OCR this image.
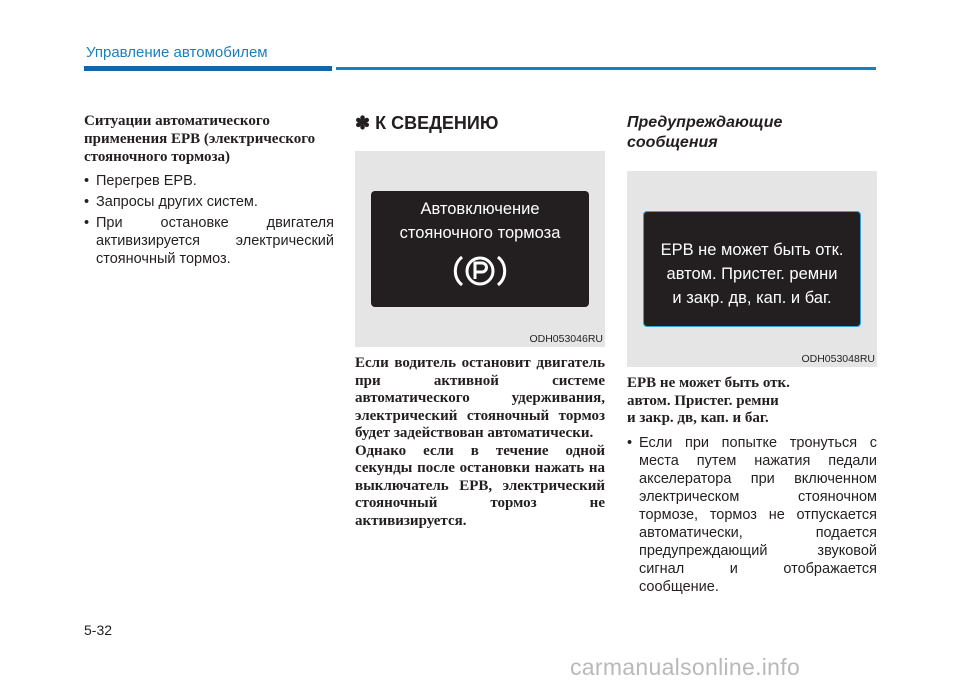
Управление автомобилем
Ситуации автоматического применения EPB (электрического стояночного тормоза)
• Перегрев EPB.
• Запросы других систем.
• При остановке двигателя активизируется электрический стояночный тормоз.
✽ К СВЕДЕНИЮ
Автовключение
стояночного тормоза
ODH053046RU
Если водитель остановит двигатель при активной системе автоматического удерживания, электрический стояночный тормоз будет задействован автоматически.
Однако если в течение одной секунды после остановки нажать на выключатель EPB, электрический стояночный тормоз не активизируется.
Предупреждающие сообщения
EPB не может быть отк.
автом. Пристег. ремни
и закр. дв, кап. и баг.
ODH053048RU
EPB не может быть отк.
автом. Пристег. ремни
и закр. дв, кап. и баг.
• Если при попытке тронуться с места путем нажатия педали акселератора при включенном электрическом стояночном тормозе, тормоз не отпускается автоматически, подается предупреждающий звуковой сигнал и отображается сообщение.
5-32
carmanualsonline.info
